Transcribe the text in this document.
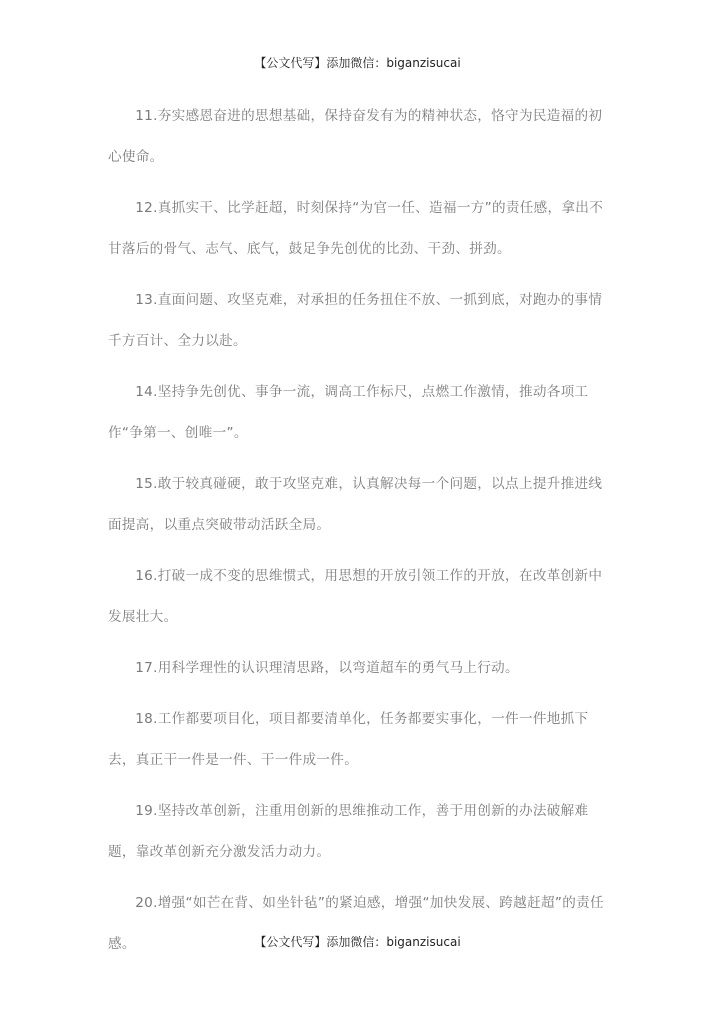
【公文代写】添加微信：biganzisucai

11.夯实感恩奋进的思想基础，保持奋发有为的精神状态，恪守为民造福的初心使命。

12.真抓实干、比学赶超，时刻保持“为官一任、造福一方”的责任感，拿出不甘落后的骨气、志气、底气，鼓足争先创优的比劲、干劲、拼劲。

13.直面问题、攻坚克难，对承担的任务扭住不放、一抓到底，对跑办的事情千方百计、全力以赴。

14.坚持争先创优、事争一流，调高工作标尺，点燃工作激情，推动各项工作“争第一、创唯一”。

15.敢于较真碰硬，敢于攻坚克难，认真解决每一个问题，以点上提升推进线面提高，以重点突破带动活跃全局。

16.打破一成不变的思维惯式，用思想的开放引领工作的开放，在改革创新中发展壮大。

17.用科学理性的认识理清思路，以弯道超车的勇气马上行动。

18.工作都要项目化，项目都要清单化，任务都要实事化，一件一件地抓下去，真正干一件是一件、干一件成一件。

19.坚持改革创新，注重用创新的思维推动工作，善于用创新的办法破解难题，靠改革创新充分激发活力动力。

20.增强“如芒在背、如坐针毡”的紧迫感，增强“加快发展、跨越赶超”的责任感。	【公文代写】添加微信：biganzisucai
